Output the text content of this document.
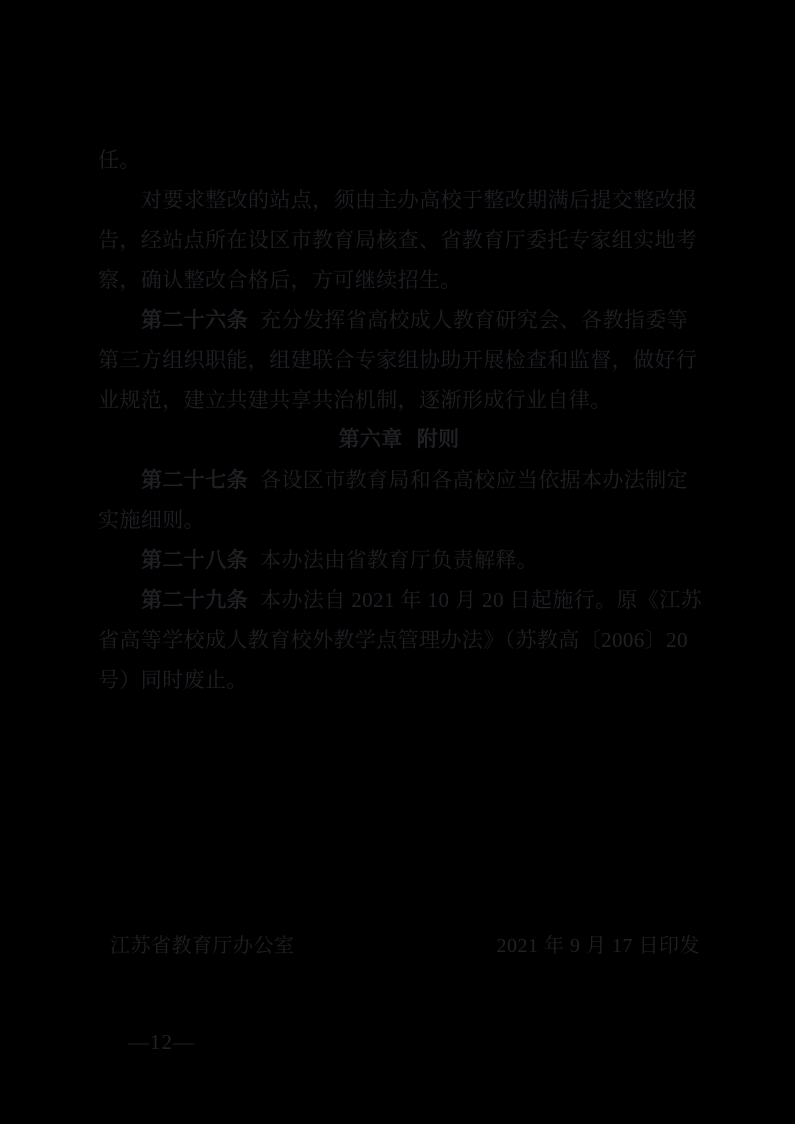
任。
对要求整改的站点，须由主办高校于整改期满后提交整改报
告，经站点所在设区市教育局核查、省教育厅委托专家组实地考
察，确认整改合格后，方可继续招生。
第二十六条 充分发挥省高校成人教育研究会、各教指委等
第三方组织职能，组建联合专家组协助开展检查和监督，做好行
业规范，建立共建共享共治机制，逐渐形成行业自律。
第六章 附则
第二十七条 各设区市教育局和各高校应当依据本办法制定
实施细则。
第二十八条 本办法由省教育厅负责解释。
第二十九条 本办法自 2021 年 10 月 20 日起施行。原《江苏
省高等学校成人教育校外教学点管理办法》（苏教高〔2006〕20
号）同时废止。
江苏省教育厅办公室	2021 年 9 月 17 日印发
—12—
